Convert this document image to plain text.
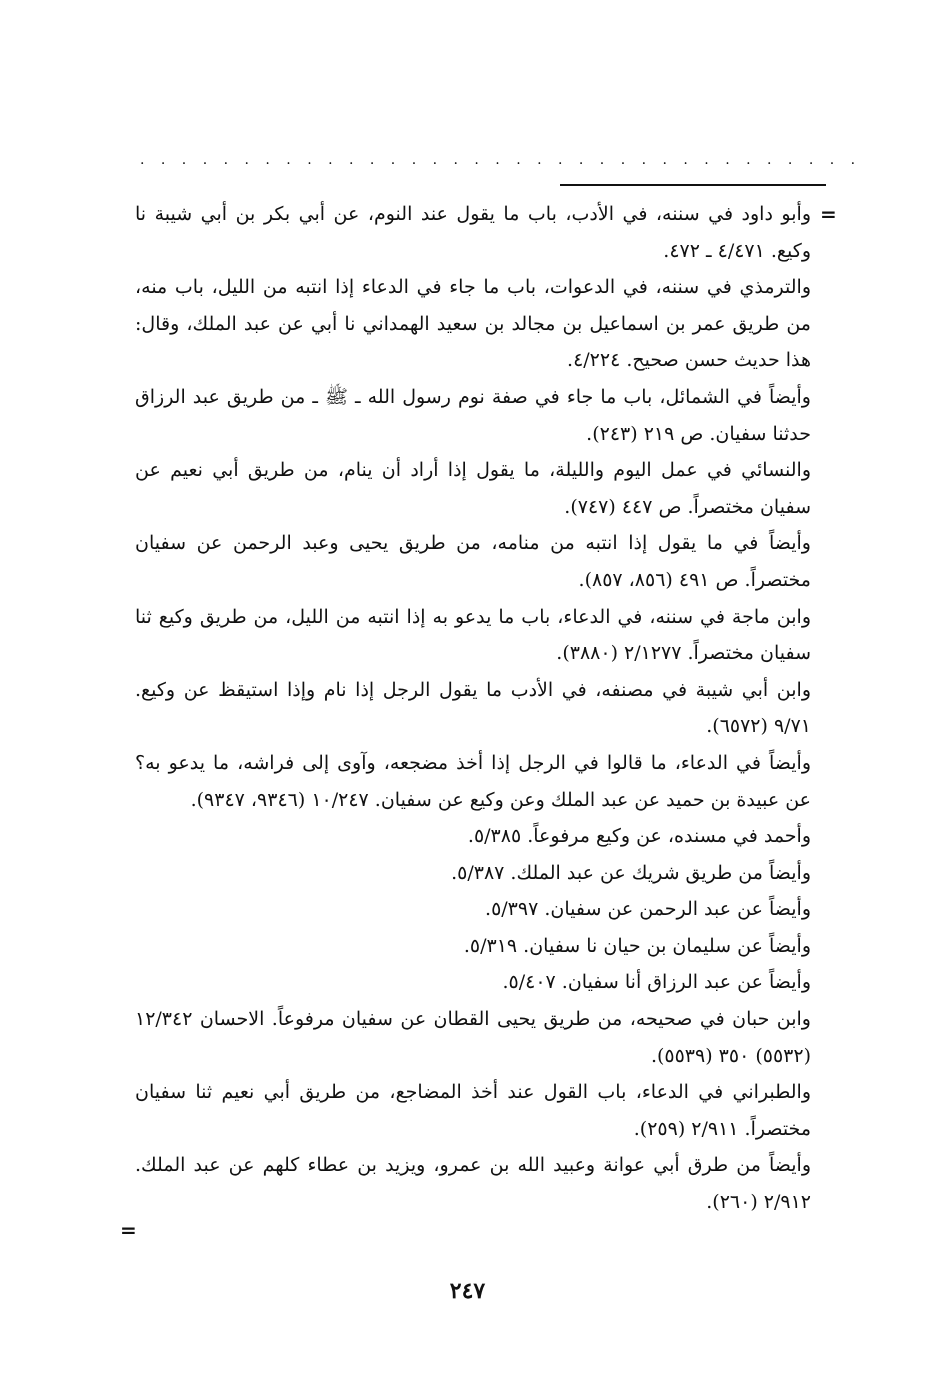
. . . . . . . . . . . . . . . . . . . . . . . . . . . . . . . . . . .
=

وأبو داود في سننه، في الأدب، باب ما يقول عند النوم، عن أبي بكر بن أبي شيبة نا وكيع. ٤/٤٧١ ـ ٤٧٢.

والترمذي في سننه، في الدعوات، باب ما جاء في الدعاء إذا انتبه من الليل، باب منه، من طريق عمر بن اسماعيل بن مجالد بن سعيد الهمداني نا أبي عن عبد الملك، وقال: هذا حديث حسن صحيح. ٤/٢٢٤.

وأيضاً في الشمائل، باب ما جاء في صفة نوم رسول الله ـ ﷺ ـ من طريق عبد الرزاق حدثنا سفيان. ص ٢١٩ (٢٤٣).

والنسائي في عمل اليوم والليلة، ما يقول إذا أراد أن ينام، من طريق أبي نعيم عن سفيان مختصراً. ص ٤٤٧ (٧٤٧).

وأيضاً في ما يقول إذا انتبه من منامه، من طريق يحيى وعبد الرحمن عن سفيان مختصراً. ص ٤٩١ (٨٥٦، ٨٥٧).

وابن ماجة في سننه، في الدعاء، باب ما يدعو به إذا انتبه من الليل، من طريق وكيع ثنا سفيان مختصراً. ٢/١٢٧٧ (٣٨٨٠).

وابن أبي شيبة في مصنفه، في الأدب ما يقول الرجل إذا نام وإذا استيقظ عن وكيع. ٩/٧١ (٦٥٧٢).

وأيضاً في الدعاء، ما قالوا في الرجل إذا أخذ مضجعه، وآوى إلى فراشه، ما يدعو به؟ عن عبيدة بن حميد عن عبد الملك وعن وكيع عن سفيان. ١٠/٢٤٧ (٩٣٤٦، ٩٣٤٧).

وأحمد في مسنده، عن وكيع مرفوعاً. ٥/٣٨٥.

وأيضاً من طريق شريك عن عبد الملك. ٥/٣٨٧.

وأيضاً عن عبد الرحمن عن سفيان. ٥/٣٩٧.

وأيضاً عن سليمان بن حيان نا سفيان. ٥/٣١٩.

وأيضاً عن عبد الرزاق أنا سفيان. ٥/٤٠٧.

وابن حبان في صحيحه، من طريق يحيى القطان عن سفيان مرفوعاً. الاحسان ١٢/٣٤٢ (٥٥٣٢) ٣٥٠ (٥٥٣٩).

والطبراني في الدعاء، باب القول عند أخذ المضاجع، من طريق أبي نعيم ثنا سفيان مختصراً. ٢/٩١١ (٢٥٩).

وأيضاً من طرق أبي عوانة وعبيد الله بن عمرو، ويزيد بن عطاء كلهم عن عبد الملك. ٢/٩١٢ (٢٦٠).

=
٢٤٧
